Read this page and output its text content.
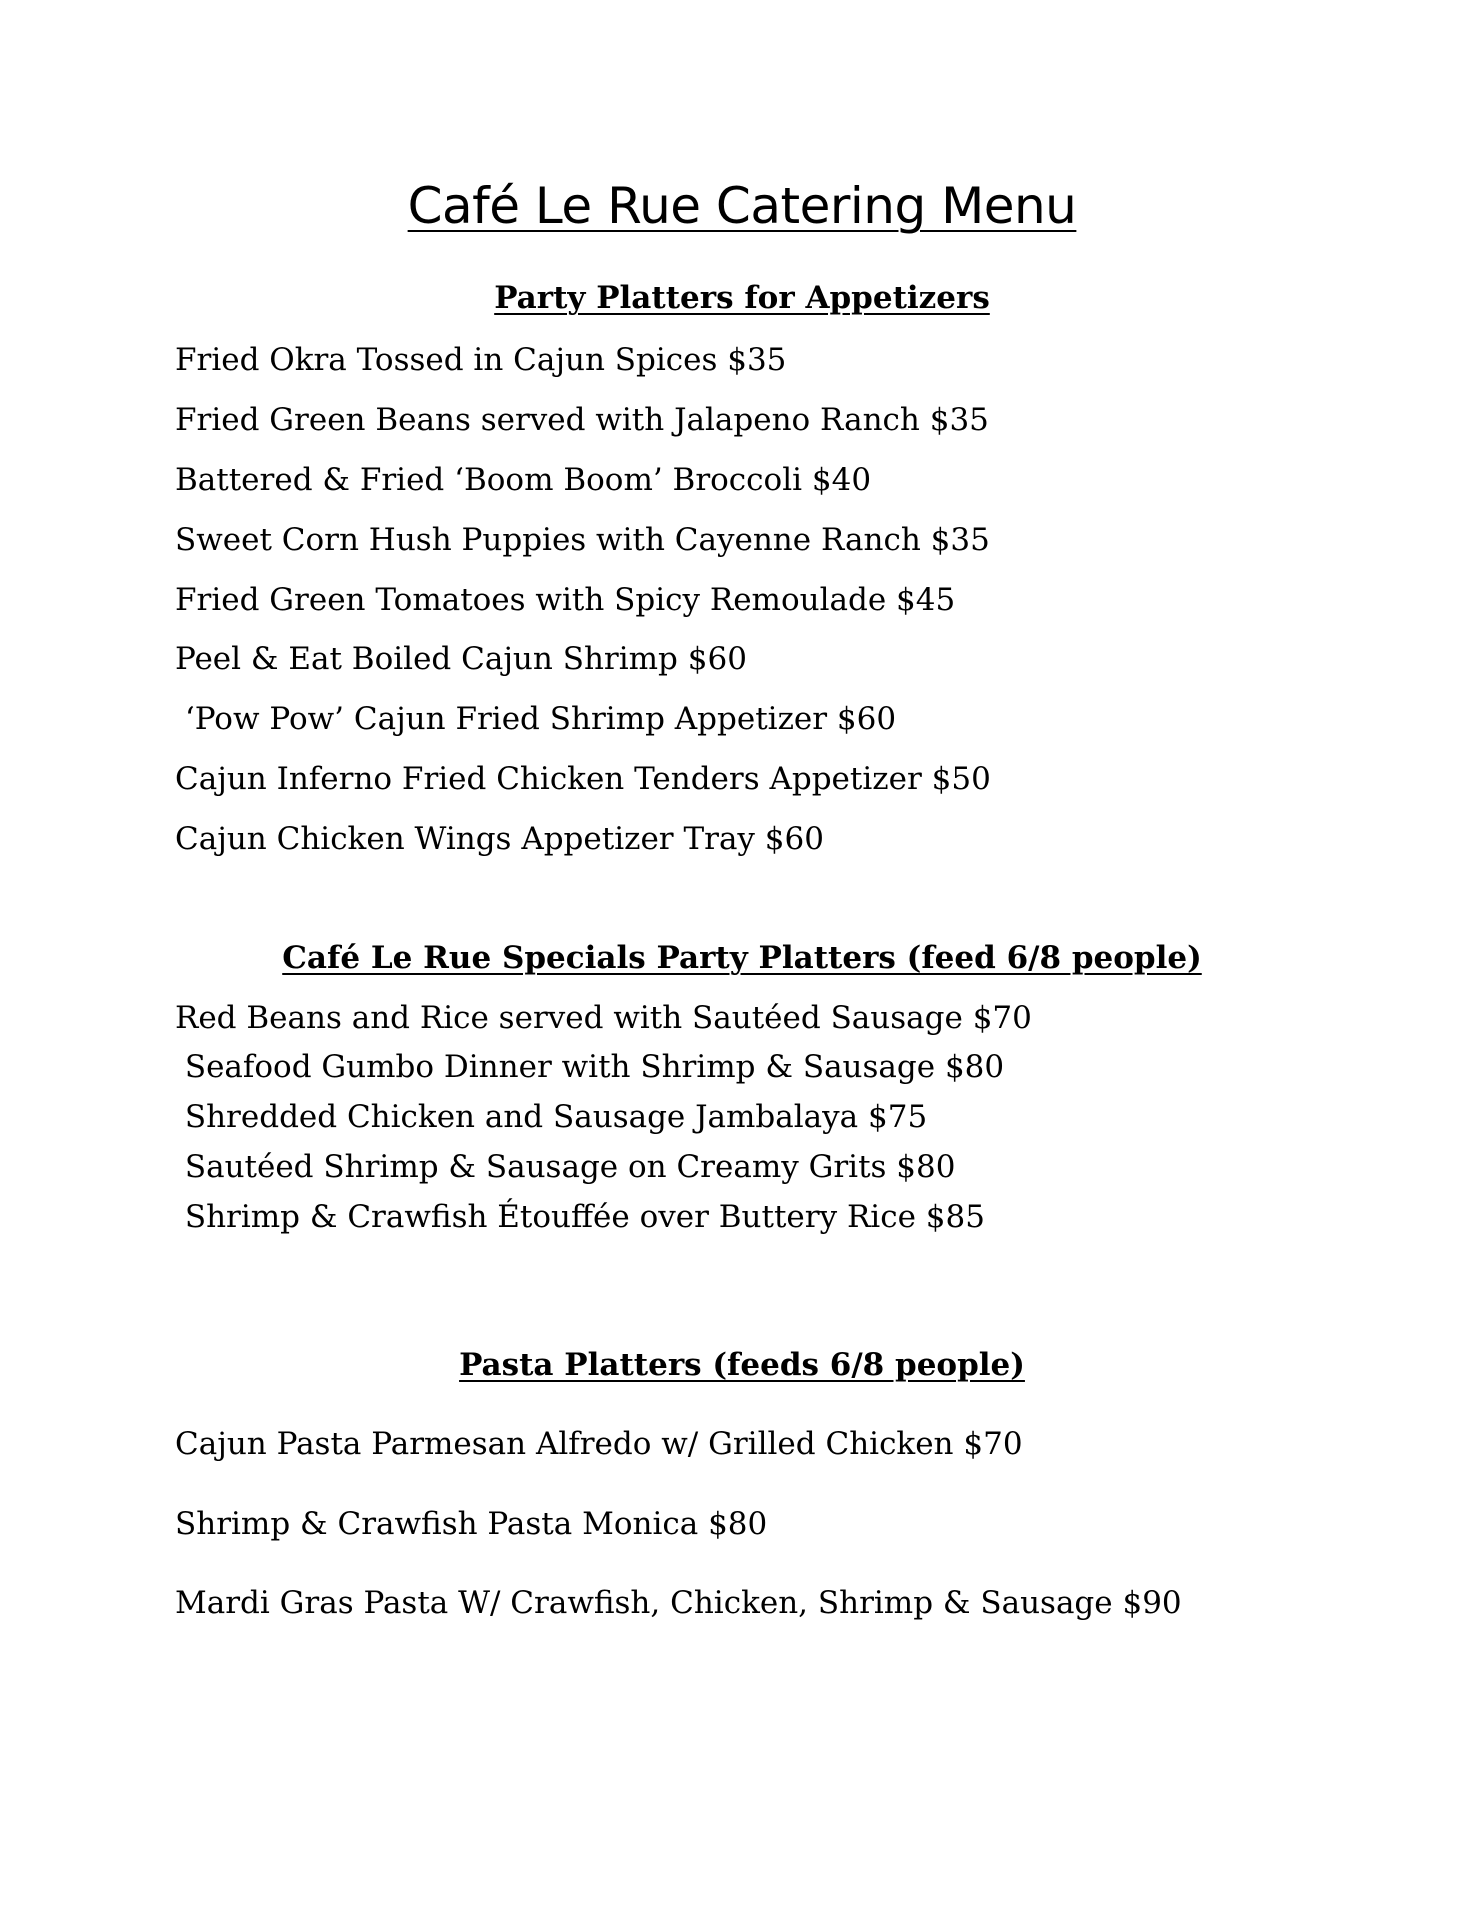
Café Le Rue Catering Menu
Party Platters for Appetizers
Fried Okra Tossed in Cajun Spices $35
Fried Green Beans served with Jalapeno Ranch $35
Battered & Fried ‘Boom Boom’ Broccoli $40
Sweet Corn Hush Puppies with Cayenne Ranch $35
Fried Green Tomatoes with Spicy Remoulade $45
Peel & Eat Boiled Cajun Shrimp $60
‘Pow Pow’ Cajun Fried Shrimp Appetizer $60
Cajun Inferno Fried Chicken Tenders Appetizer $50
Cajun Chicken Wings Appetizer Tray $60
Café Le Rue Specials Party Platters (feed 6/8 people)
Red Beans and Rice served with Sautéed Sausage $70
Seafood Gumbo Dinner with Shrimp & Sausage $80
Shredded Chicken and Sausage Jambalaya $75
Sautéed Shrimp & Sausage on Creamy Grits $80
Shrimp & Crawfish Étouffée over Buttery Rice $85
Pasta Platters (feeds 6/8 people)
Cajun Pasta Parmesan Alfredo w/ Grilled Chicken $70
Shrimp & Crawfish Pasta Monica $80
Mardi Gras Pasta W/ Crawfish, Chicken, Shrimp & Sausage $90
